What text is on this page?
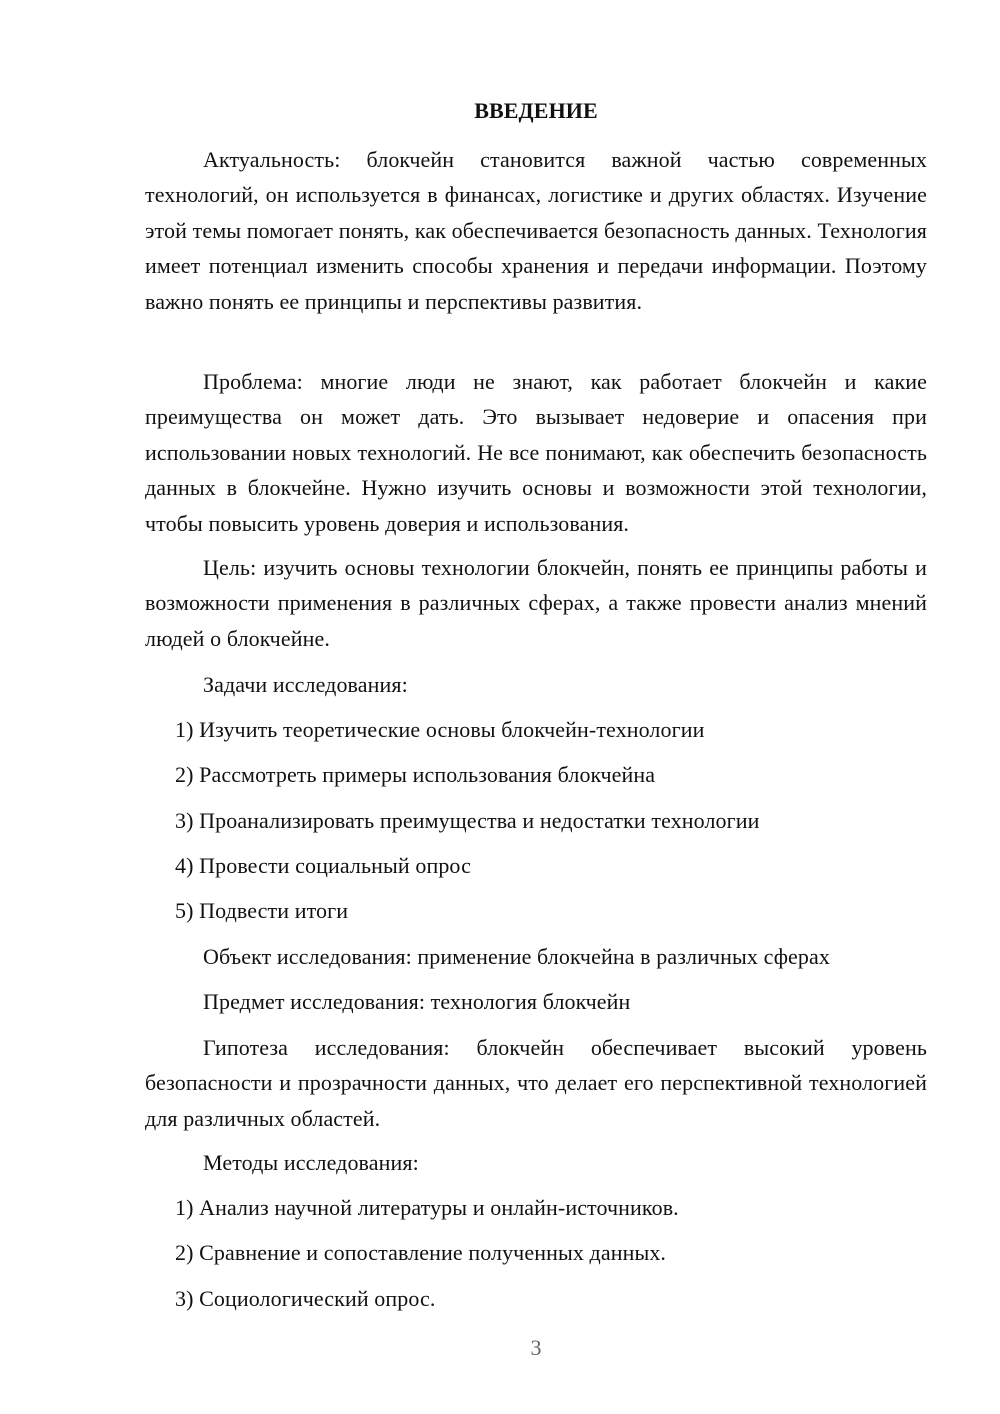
ВВЕДЕНИЕ

Актуальность: блокчейн становится важной частью современных технологий, он используется в финансах, логистике и других областях. Изучение этой темы помогает понять, как обеспечивается безопасность данных. Технология имеет потенциал изменить способы хранения и передачи информации. Поэтому важно понять ее принципы и перспективы развития.

Проблема: многие люди не знают, как работает блокчейн и какие преимущества он может дать. Это вызывает недоверие и опасения при использовании новых технологий. Не все понимают, как обеспечить безопасность данных в блокчейне. Нужно изучить основы и возможности этой технологии, чтобы повысить уровень доверия и использования.

Цель: изучить основы технологии блокчейн, понять ее принципы работы и возможности применения в различных сферах, а также провести анализ мнений людей о блокчейне.

Задачи исследования:

1) Изучить теоретические основы блокчейн-технологии

2) Рассмотреть примеры использования блокчейна

3) Проанализировать преимущества и недостатки технологии

4) Провести социальный опрос

5) Подвести итоги

Объект исследования: применение блокчейна в различных сферах

Предмет исследования: технология блокчейн

Гипотеза исследования: блокчейн обеспечивает высокий уровень безопасности и прозрачности данных, что делает его перспективной технологией для различных областей.

Методы исследования:

1) Анализ научной литературы и онлайн-источников.

2) Сравнение и сопоставление полученных данных.

3) Социологический опрос.

3
